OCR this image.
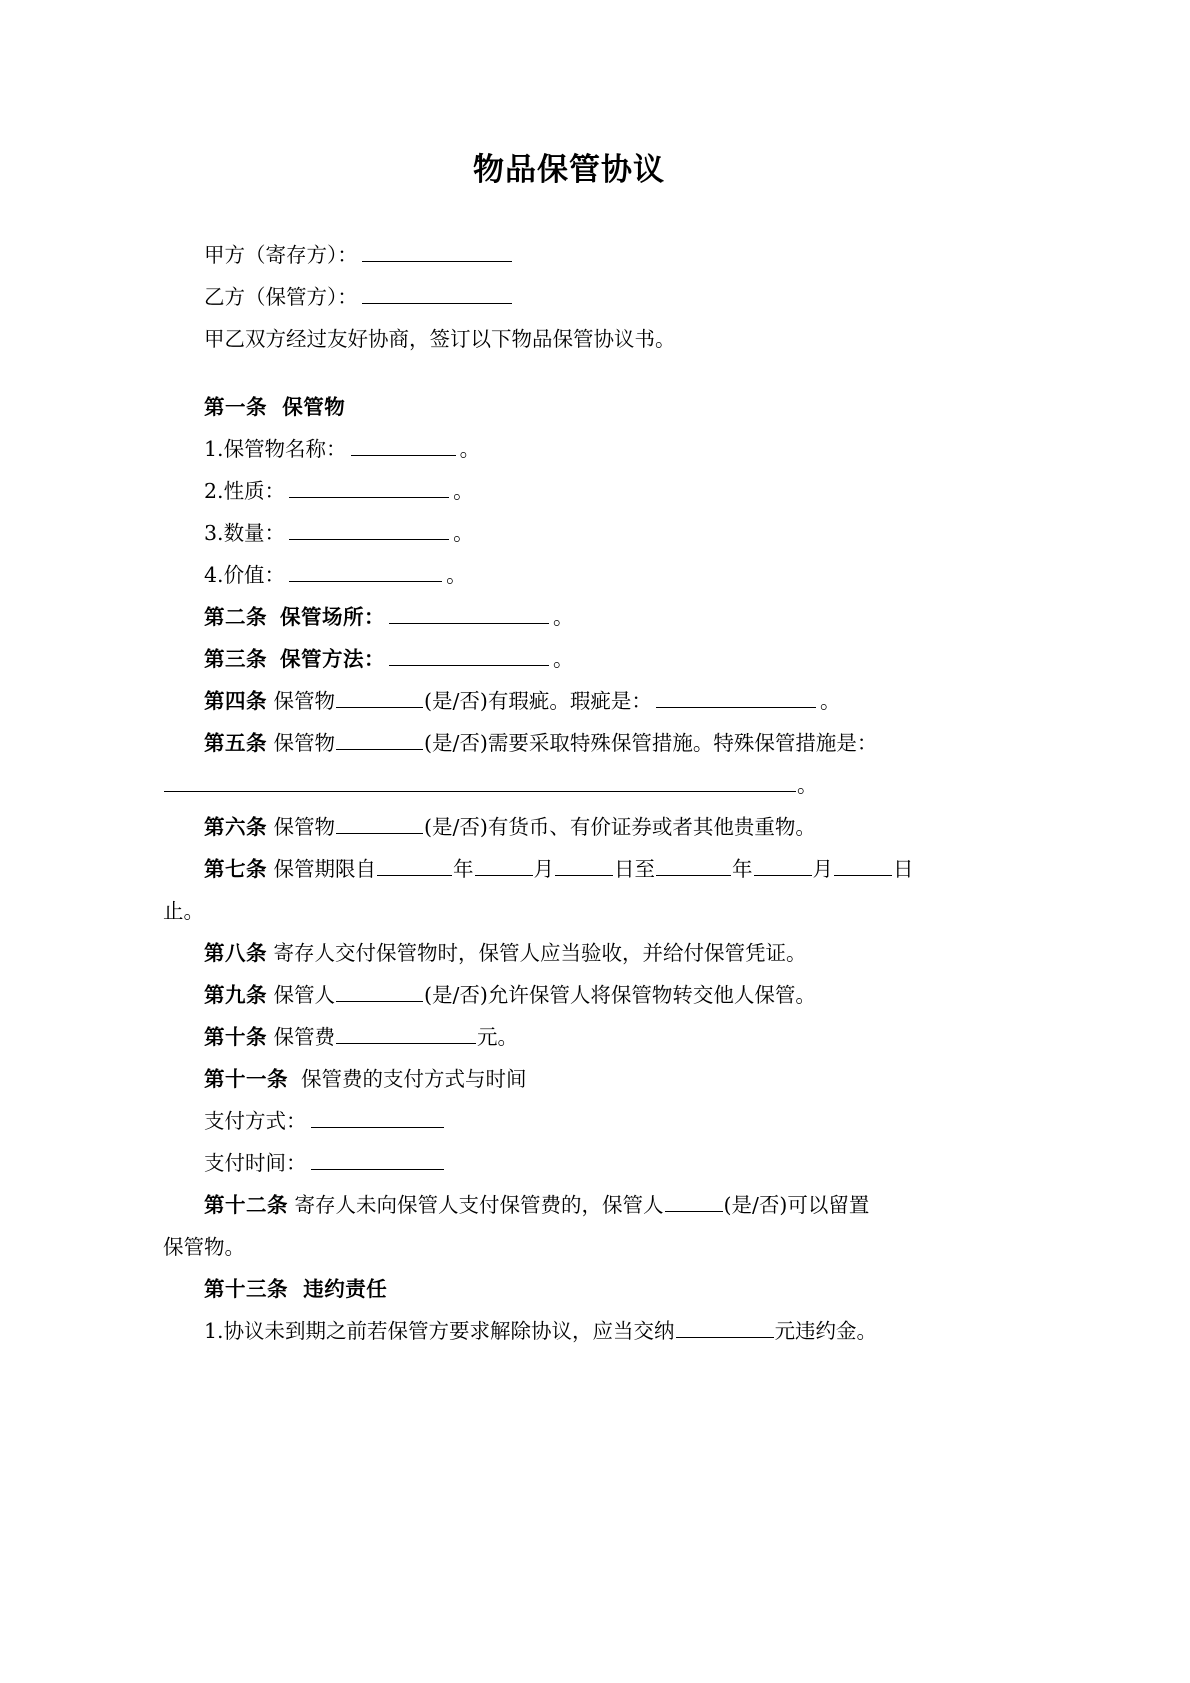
物品保管协议

甲方（寄存方）：

乙方（保管方）：

甲乙双方经过友好协商，签订以下物品保管协议书。

第一条 保管物

1.保管物名称：	。

2.性质：	。

3.数量：	。

4.价值：	。

第二条 保管场所：	。

第三条 保管方法：	。

第四条 保管物	(是/否)有瑕疵。瑕疵是：	。

第五条 保管物	(是/否)需要采取特殊保管措施。特殊保管措施是：

。

第六条 保管物	(是/否)有货币、有价证券或者其他贵重物。

第七条 保管期限自	年	月	日至	年	月	日

止。

第八条 寄存人交付保管物时，保管人应当验收，并给付保管凭证。

第九条 保管人	(是/否)允许保管人将保管物转交他人保管。

第十条 保管费	元。

第十一条 保管费的支付方式与时间

支付方式：

支付时间：

第十二条 寄存人未向保管人支付保管费的，保管人	(是/否)可以留置

保管物。

第十三条 违约责任

1.协议未到期之前若保管方要求解除协议，应当交纳	元违约金。
